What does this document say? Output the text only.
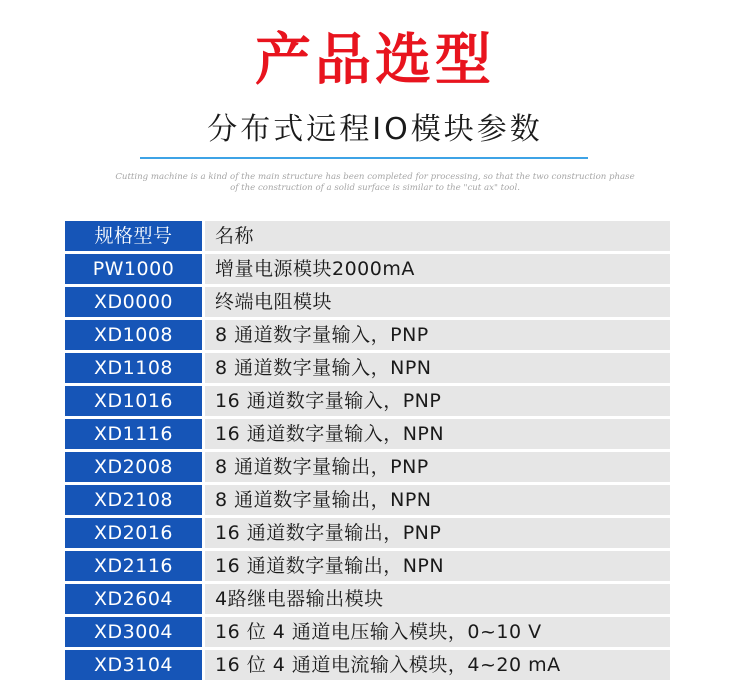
产品选型
分布式远程IO模块参数
Cutting machine is a kind of the main structure has been completed for processing, so that the two construction phase of the construction of a solid surface is similar to the "cut ax" tool.
规格型号	名称
PW1000	增量电源模块2000mA
XD0000	终端电阻模块
XD1008	8 通道数字量输入，PNP
XD1108	8 通道数字量输入，NPN
XD1016	16 通道数字量输入，PNP
XD1116	16 通道数字量输入，NPN
XD2008	8 通道数字量输出，PNP
XD2108	8 通道数字量输出，NPN
XD2016	16 通道数字量输出，PNP
XD2116	16 通道数字量输出，NPN
XD2604	4路继电器输出模块
XD3004	16 位 4 通道电压输入模块，0~10 V
XD3104	16 位 4 通道电流输入模块，4~20 mA
